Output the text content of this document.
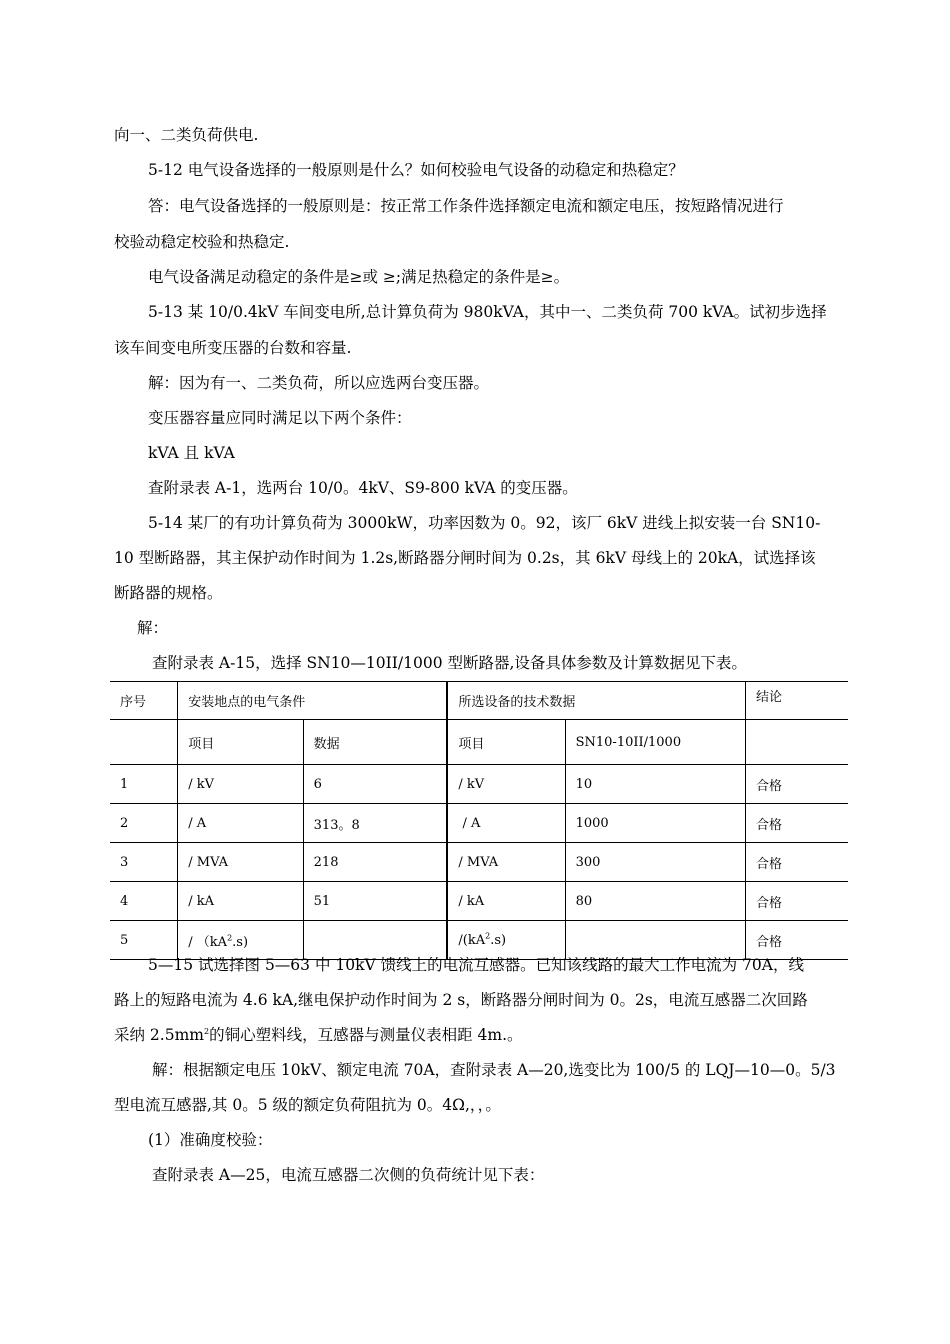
向一、二类负荷供电.
5-12 电气设备选择的一般原则是什么？如何校验电气设备的动稳定和热稳定？
答：电气设备选择的一般原则是：按正常工作条件选择额定电流和额定电压，按短路情况进行
校验动稳定校验和热稳定.
电气设备满足动稳定的条件是≥或 ≥;满足热稳定的条件是≥。
5-13 某 10/0.4kV 车间变电所,总计算负荷为 980kVA，其中一、二类负荷 700 kVA。试初步选择
该车间变电所变压器的台数和容量.
解：因为有一、二类负荷，所以应选两台变压器。
变压器容量应同时满足以下两个条件：
kVA 且 kVA
查附录表 A-1，选两台 10/0。4kV、S9-800 kVA 的变压器。
5-14 某厂的有功计算负荷为 3000kW，功率因数为 0。92，该厂 6kV 进线上拟安装一台 SN10-
10 型断路器，其主保护动作时间为 1.2s,断路器分闸时间为 0.2s，其 6kV 母线上的 20kA，试选择该
断路器的规格。
解：
查附录表 A-15，选择 SN10—10II/1000 型断路器,设备具体参数及计算数据见下表。
序号	安装地点的电气条件		所选设备的技术数据		结论
	项目	数据	项目	SN10-10II/1000	
1	/ kV	6	/ kV	10	合格
2	/ A	313。8	/ A	1000	合格
3	/ MVA	218	/ MVA	300	合格
4	/ kA	51	/ kA	80	合格
5	/ $(kA^2.s)$		$/(kA^2.s)$		合格
5—15 试选择图 5—63 中 10kV 馈线上的电流互感器。已知该线路的最大工作电流为 70A，线
路上的短路电流为 4.6 kA,继电保护动作时间为 2 s，断路器分闸时间为 0。2s，电流互感器二次回路
采纳 $2.5mm^2$的铜心塑料线，互感器与测量仪表相距 4m.。
解：根据额定电压 10kV、额定电流 70A，查附录表 A—20,选变比为 100/5 的 LQJ—10—0。5/3
型电流互感器,其 0。5 级的额定负荷阻抗为 0。4Ω,，，。
(1）准确度校验：
查附录表 A—25，电流互感器二次侧的负荷统计见下表：
